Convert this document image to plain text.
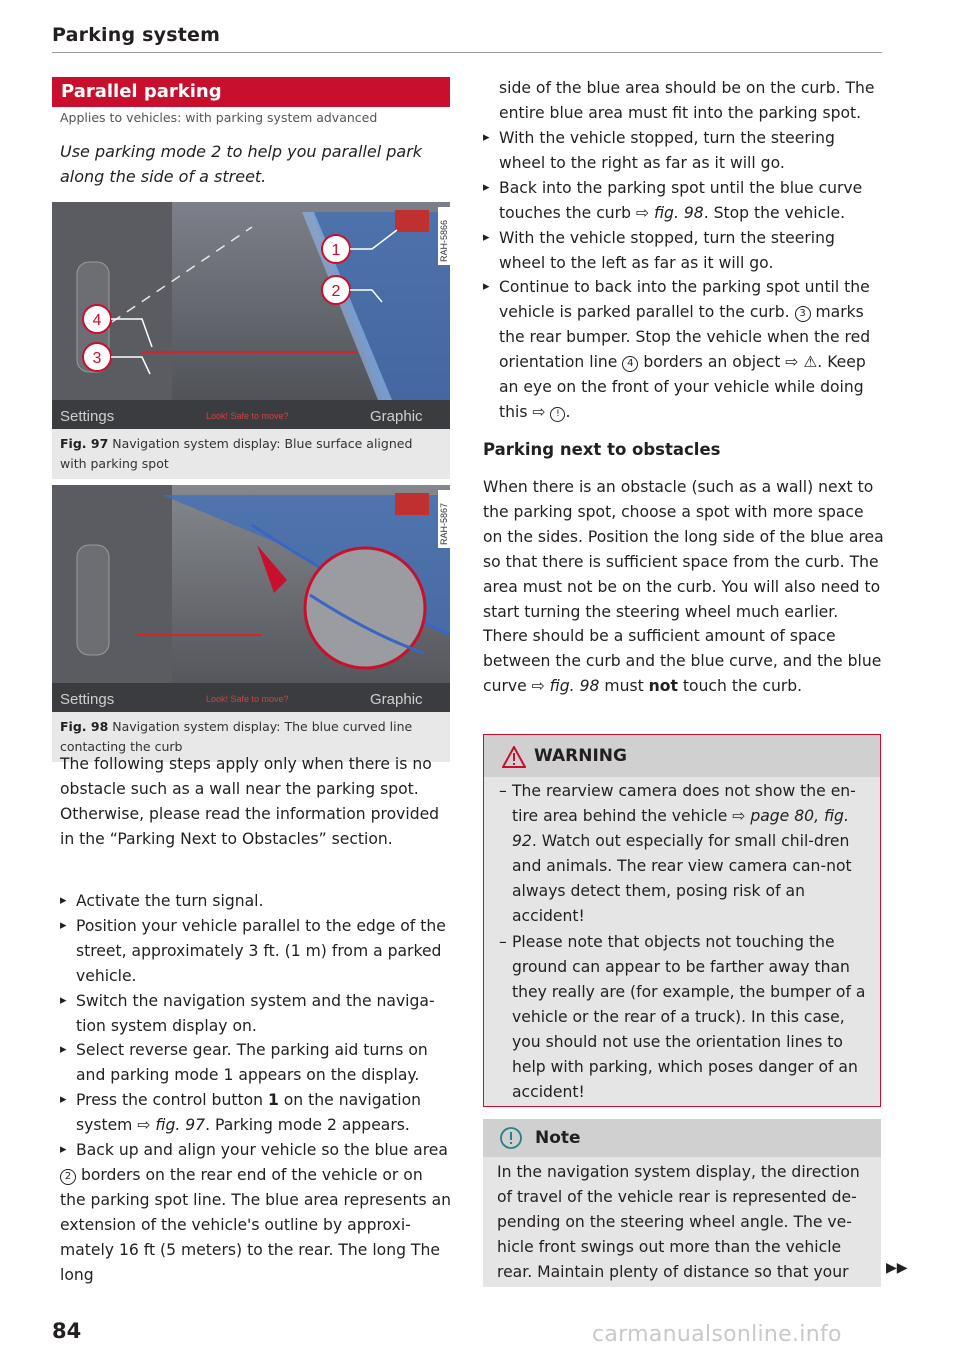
Parking system
Parallel parking
Applies to vehicles: with parking system advanced
Use parking mode 2 to help you parallel park along the side of a street.
Settings	Look! Safe to move?	Graphic
RAH-5866
1
2
3
4
Fig. 97 Navigation system display: Blue surface aligned with parking spot
Settings	Look! Safe to move?	Graphic
RAH-5867
Fig. 98 Navigation system display: The blue curved line contacting the curb
The following steps apply only when there is no obstacle such as a wall near the parking spot. Otherwise, please read the information provided in the “Parking Next to Obstacles” section.
▸ Activate the turn signal.
▸ Position your vehicle parallel to the edge of the street, approximately 3 ft. (1 m) from a parked vehicle.
▸ Switch the navigation system and the naviga-tion system display on.
▸ Select reverse gear. The parking aid turns on and parking mode 1 appears on the display.
▸ Press the control button 1 on the navigation system ⇨ fig. 97. Parking mode 2 appears.
▸ Back up and align your vehicle so the blue area
2 borders on the rear end of the vehicle or on the parking spot line. The blue area represents an extension of the vehicle's outline by approxi-mately 16 ft (5 meters) to the rear. The long The long
side of the blue area should be on the curb. The entire blue area must fit into the parking spot.
▸ With the vehicle stopped, turn the steering wheel to the right as far as it will go.
▸ Back into the parking spot until the blue curve touches the curb ⇨ fig. 98. Stop the vehicle.
▸ With the vehicle stopped, turn the steering wheel to the left as far as it will go.
▸ Continue to back into the parking spot until the vehicle is parked parallel to the curb. 3 marks the rear bumper. Stop the vehicle when the red orientation line 4 borders an object ⇨ ⚠. Keep an eye on the front of your vehicle while doing this ⇨ ! .
Parking next to obstacles
When there is an obstacle (such as a wall) next to the parking spot, choose a spot with more space on the sides. Position the long side of the blue area so that there is sufficient space from the curb. The area must not be on the curb. You will also need to start turning the steering wheel much earlier. There should be a sufficient amount of space between the curb and the blue curve, and the blue curve ⇨ fig. 98 must not touch the curb.
WARNING
– The rearview camera does not show the en-tire area behind the vehicle ⇨ page 80, fig. 92. Watch out especially for small chil-dren and animals. The rear view camera can-not always detect them, posing risk of an accident!
– Please note that objects not touching the ground can appear to be farther away than they really are (for example, the bumper of a vehicle or the rear of a truck). In this case, you should not use the orientation lines to help with parking, which poses danger of an accident!
Note
In the navigation system display, the direction of travel of the vehicle rear is represented de-pending on the steering wheel angle. The ve-hicle front swings out more than the vehicle rear. Maintain plenty of distance so that your	▶▶
84	carmanualsonline.info
